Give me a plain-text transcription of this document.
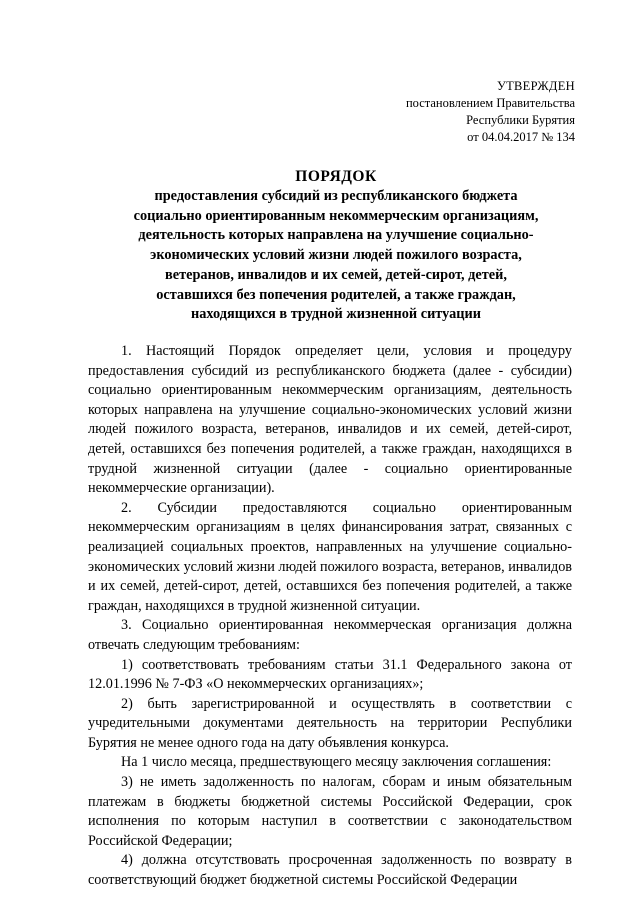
УТВЕРЖДЕН
постановлением Правительства
Республики Бурятия
от 04.04.2017 № 134
ПОРЯДОК
предоставления субсидий из республиканского бюджета
социально ориентированным некоммерческим организациям,
деятельность которых направлена на улучшение социально-
экономических условий жизни людей пожилого возраста,
ветеранов, инвалидов и их семей, детей-сирот, детей,
оставшихся без попечения родителей, а также граждан,
находящихся в трудной жизненной ситуации

1. Настоящий Порядок определяет цели, условия и процедуру предоставления субсидий из республиканского бюджета (далее - субсидии) социально ориентированным некоммерческим организациям, деятельность которых направлена на улучшение социально-экономических условий жизни людей пожилого возраста, ветеранов, инвалидов и их семей, детей-сирот, детей, оставшихся без попечения родителей, а также граждан, находящихся в трудной жизненной ситуации (далее - социально ориентированные некоммерческие организации).

2. Субсидии предоставляются социально ориентированным некоммерческим организациям в целях финансирования затрат, связанных с реализацией социальных проектов, направленных на улучшение социально-экономических условий жизни людей пожилого возраста, ветеранов, инвалидов и их семей, детей-сирот, детей, оставшихся без попечения родителей, а также граждан, находящихся в трудной жизненной ситуации.

3. Социально ориентированная некоммерческая организация должна отвечать следующим требованиям:

1) соответствовать требованиям статьи 31.1 Федерального закона от 12.01.1996 № 7-ФЗ «О некоммерческих организациях»;

2) быть зарегистрированной и осуществлять в соответствии с учредительными документами деятельность на территории Республики Бурятия не менее одного года на дату объявления конкурса.

На 1 число месяца, предшествующего месяцу заключения соглашения:

3) не иметь задолженность по налогам, сборам и иным обязательным платежам в бюджеты бюджетной системы Российской Федерации, срок исполнения по которым наступил в соответствии с законодательством Российской Федерации;

4) должна отсутствовать просроченная задолженность по возврату в соответствующий бюджет бюджетной системы Российской Федерации
